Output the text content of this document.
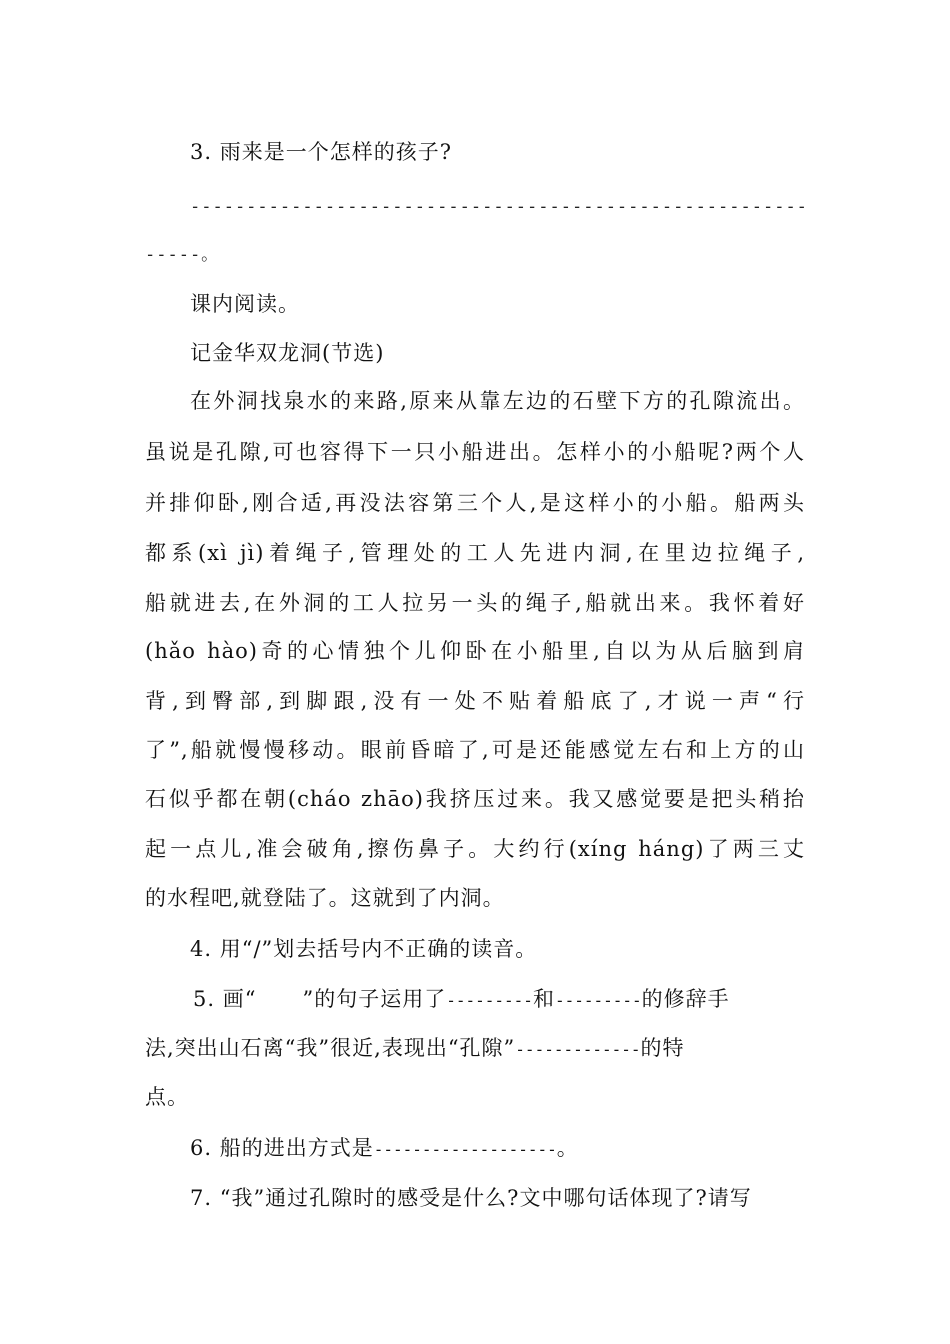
3. 雨来是一个怎样的孩子?
-------------------------------------------------------
-----。
课内阅读。
记金华双龙洞(节选)
在外洞找泉水的来路,原来从靠左边的石壁下方的孔隙流出。
虽说是孔隙,可也容得下一只小船进出。怎样小的小船呢?两个人
并排仰卧,刚合适,再没法容第三个人,是这样小的小船。船两头
都系(xì jì)着绳子,管理处的工人先进内洞,在里边拉绳子,
船就进去,在外洞的工人拉另一头的绳子,船就出来。我怀着好
(hǎo hào)奇的心情独个儿仰卧在小船里,自以为从后脑到肩
背,到臀部,到脚跟,没有一处不贴着船底了,才说一声“行
了”,船就慢慢移动。眼前昏暗了,可是还能感觉左右和上方的山
石似乎都在朝(cháo zhāo)我挤压过来。我又感觉要是把头稍抬
起一点儿,准会破角,擦伤鼻子。大约行(xíng háng)了两三丈
的水程吧,就登陆了。这就到了内洞。
4. 用“/”划去括号内不正确的读音。
5. 画“      ”的句子运用了---------和---------的修辞手
法,突出山石离“我”很近,表现出“孔隙”-------------的特
点。
6. 船的进出方式是-------------------。
7. “我”通过孔隙时的感受是什么?文中哪句话体现了?请写
